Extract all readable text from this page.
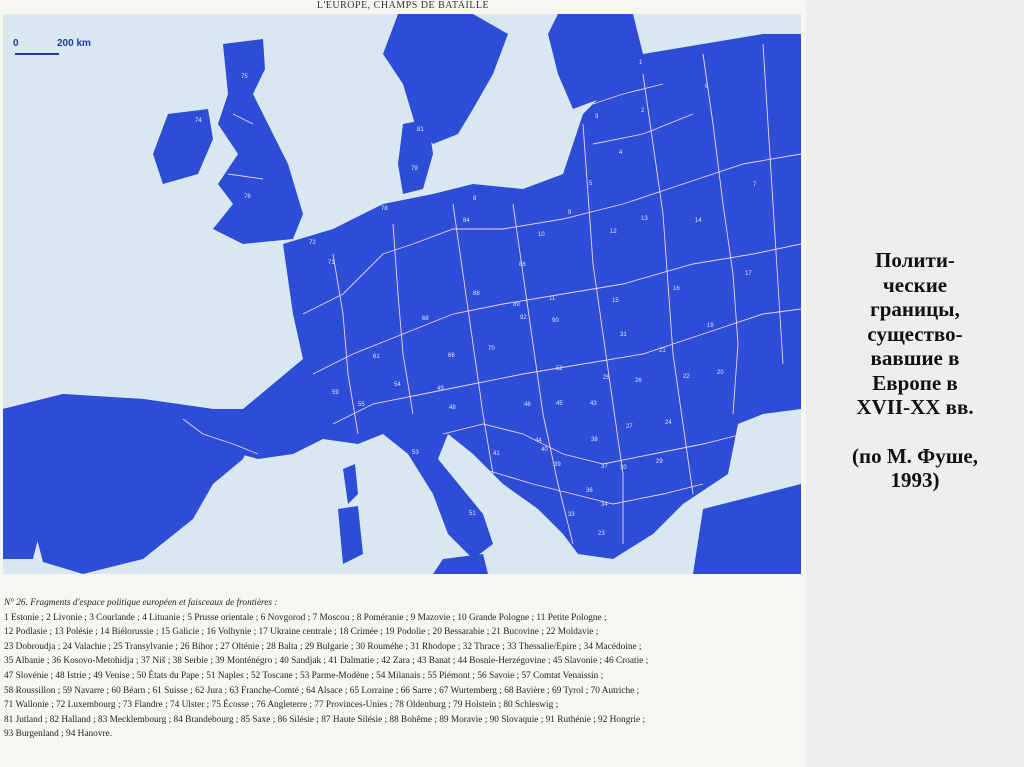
L'EUROPE, CHAMPS DE BATAILLE
1
2
3
4
5
6
7
8
9
10
11
12
13	14
15
16
17
19
20
21
22
23
24
25	26
27
29
30
31
33
34
36
37
38
39
40
41
43
44
45
46
48
49
51
52
53
54
55
59
61	66
68
70
71
72
74
75
76
77
78
79
81
82
84
86
88
89
90
92
0	200 km
N° 26. Fragments d'espace politique européen et faisceaux de frontières :
1 Estonie ; 2 Livonie ; 3 Courlande ; 4 Lituanie ; 5 Prusse orientale ; 6 Novgorod ; 7 Moscou ; 8 Poméranie ; 9 Mazovie ; 10 Grande Pologne ; 11 Petite Pologne ;
12 Podlasie ; 13 Polésie ; 14 Biélorussie ; 15 Galicie ; 16 Volhynie ; 17 Ukraine centrale ; 18 Crimée ; 19 Podolie ; 20 Bessarabie ; 21 Bucovine ; 22 Moldavie ;
23 Dobroudja ; 24 Valachie ; 25 Transylvanie ; 26 Bihor ; 27 Olténie ; 28 Balta ; 29 Bulgarie ; 30 Rouméhe ; 31 Rhodope ; 32 Thrace ; 33 Thessalie/Epire ; 34 Macédoine ;
35 Albanie ; 36 Kosovo-Metohidja ; 37 Niš ; 38 Serbie ; 39 Monténégro ; 40 Sandjak ; 41 Dalmatie ; 42 Zara ; 43 Banat ; 44 Bosnie-Herzégovine ; 45 Slavonie ; 46 Croatie ;
47 Slovénie ; 48 Istrie ; 49 Venise ; 50 États du Pape ; 51 Naples ; 52 Toscane ; 53 Parme-Modène ; 54 Milanais ; 55 Piémont ; 56 Savoie ; 57 Comtat Venaissin ;
58 Roussillon ; 59 Navarre ; 60 Béarn ; 61 Suisse ; 62 Jura ; 63 Franche-Comté ; 64 Alsace ; 65 Lorraine ; 66 Sarre ; 67 Wurtemberg ; 68 Bavière ; 69 Tyrol ; 70 Autriche ;
71 Wallonie ; 72 Luxembourg ; 73 Flandre ; 74 Ulster ; 75 Écosse ; 76 Angleterre ; 77 Provinces-Unies ; 78 Oldenburg ; 79 Holstein ; 80 Schleswig ;
81 Jutland ; 82 Halland ; 83 Mecklembourg ; 84 Brandebourg ; 85 Saxe ; 86 Silésie ; 87 Haute Silésie ; 88 Bohême ; 89 Moravie ; 90 Slovaquie ; 91 Ruthénie ; 92 Hongrie ;
93 Burgenland ; 94 Hanovre.
Полити-
ческие
границы,
существо-
вавшие в
Европе в
XVII-XX вв.
(по М. Фуше,
1993)
